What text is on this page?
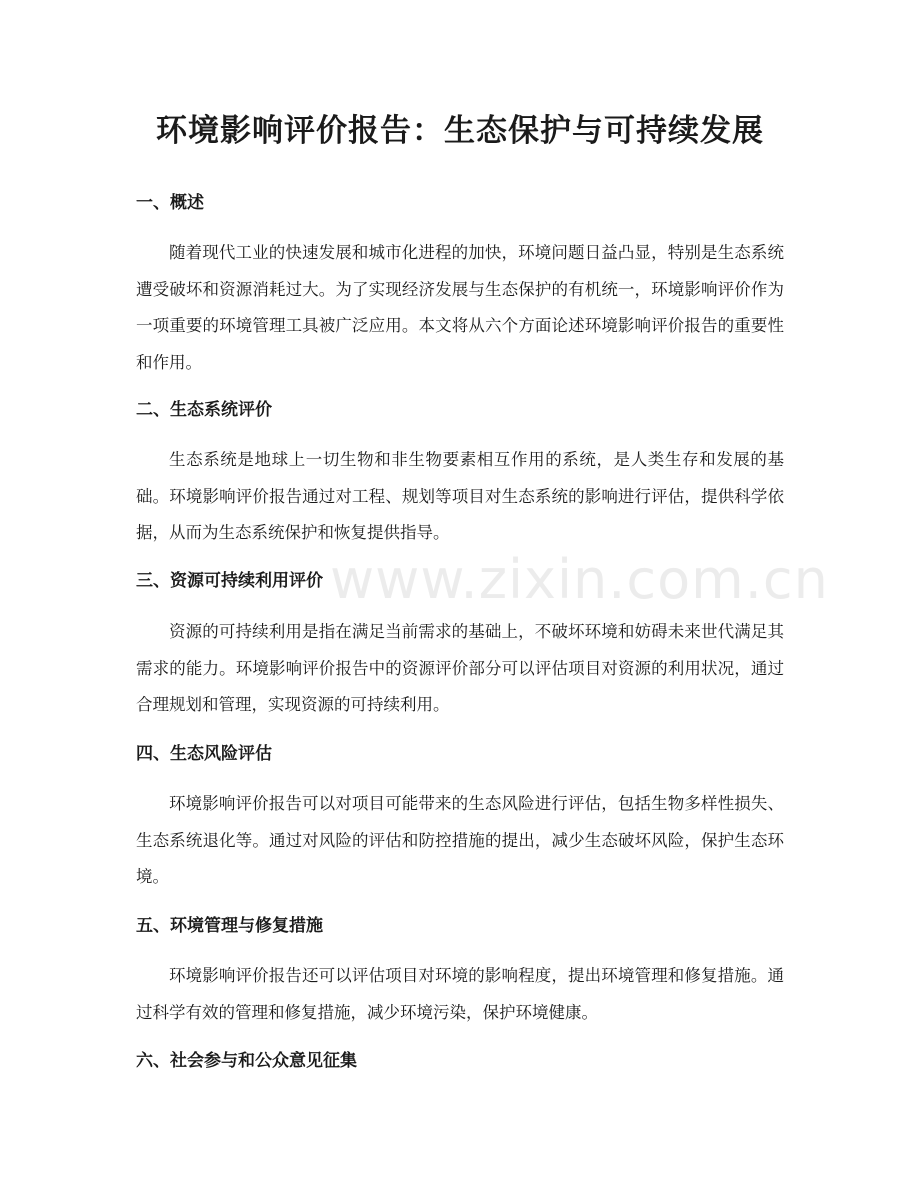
环境影响评价报告：生态保护与可持续发展
一、概述

随着现代工业的快速发展和城市化进程的加快，环境问题日益凸显，特别是生态系统遭受破坏和资源消耗过大。为了实现经济发展与生态保护的有机统一，环境影响评价作为一项重要的环境管理工具被广泛应用。本文将从六个方面论述环境影响评价报告的重要性和作用。

二、生态系统评价

生态系统是地球上一切生物和非生物要素相互作用的系统，是人类生存和发展的基础。环境影响评价报告通过对工程、规划等项目对生态系统的影响进行评估，提供科学依据，从而为生态系统保护和恢复提供指导。

三、资源可持续利用评价

资源的可持续利用是指在满足当前需求的基础上，不破坏环境和妨碍未来世代满足其需求的能力。环境影响评价报告中的资源评价部分可以评估项目对资源的利用状况，通过合理规划和管理，实现资源的可持续利用。

四、生态风险评估

环境影响评价报告可以对项目可能带来的生态风险进行评估，包括生物多样性损失、生态系统退化等。通过对风险的评估和防控措施的提出，减少生态破坏风险，保护生态环境。

五、环境管理与修复措施

环境影响评价报告还可以评估项目对环境的影响程度，提出环境管理和修复措施。通过科学有效的管理和修复措施，减少环境污染，保护环境健康。

六、社会参与和公众意见征集
www.zixin.com.cn
